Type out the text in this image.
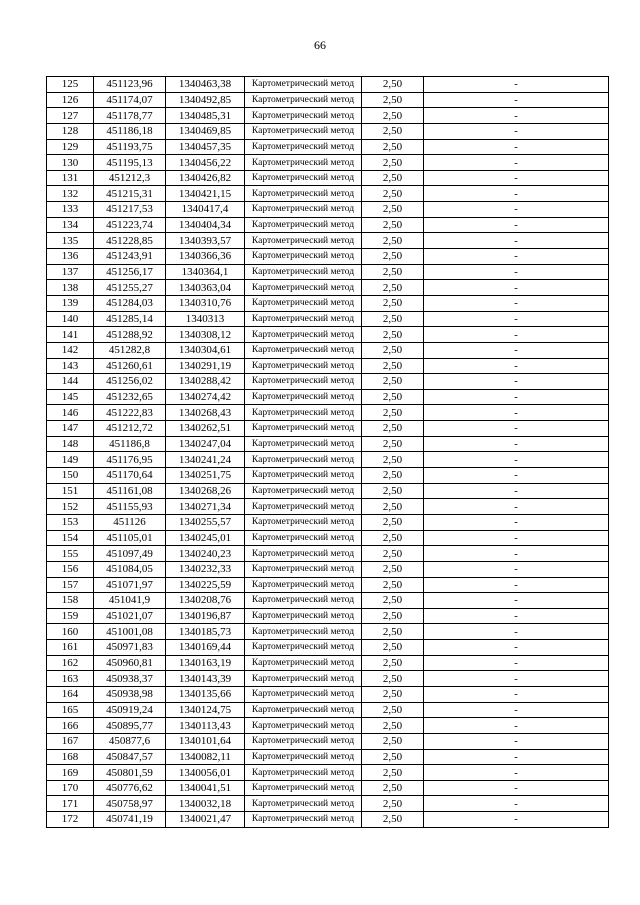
66
125	451123,96	1340463,38	Картометрический метод	2,50	-
126	451174,07	1340492,85	Картометрический метод	2,50	-
127	451178,77	1340485,31	Картометрический метод	2,50	-
128	451186,18	1340469,85	Картометрический метод	2,50	-
129	451193,75	1340457,35	Картометрический метод	2,50	-
130	451195,13	1340456,22	Картометрический метод	2,50	-
131	451212,3	1340426,82	Картометрический метод	2,50	-
132	451215,31	1340421,15	Картометрический метод	2,50	-
133	451217,53	1340417,4	Картометрический метод	2,50	-
134	451223,74	1340404,34	Картометрический метод	2,50	-
135	451228,85	1340393,57	Картометрический метод	2,50	-
136	451243,91	1340366,36	Картометрический метод	2,50	-
137	451256,17	1340364,1	Картометрический метод	2,50	-
138	451255,27	1340363,04	Картометрический метод	2,50	-
139	451284,03	1340310,76	Картометрический метод	2,50	-
140	451285,14	1340313	Картометрический метод	2,50	-
141	451288,92	1340308,12	Картометрический метод	2,50	-
142	451282,8	1340304,61	Картометрический метод	2,50	-
143	451260,61	1340291,19	Картометрический метод	2,50	-
144	451256,02	1340288,42	Картометрический метод	2,50	-
145	451232,65	1340274,42	Картометрический метод	2,50	-
146	451222,83	1340268,43	Картометрический метод	2,50	-
147	451212,72	1340262,51	Картометрический метод	2,50	-
148	451186,8	1340247,04	Картометрический метод	2,50	-
149	451176,95	1340241,24	Картометрический метод	2,50	-
150	451170,64	1340251,75	Картометрический метод	2,50	-
151	451161,08	1340268,26	Картометрический метод	2,50	-
152	451155,93	1340271,34	Картометрический метод	2,50	-
153	451126	1340255,57	Картометрический метод	2,50	-
154	451105,01	1340245,01	Картометрический метод	2,50	-
155	451097,49	1340240,23	Картометрический метод	2,50	-
156	451084,05	1340232,33	Картометрический метод	2,50	-
157	451071,97	1340225,59	Картометрический метод	2,50	-
158	451041,9	1340208,76	Картометрический метод	2,50	-
159	451021,07	1340196,87	Картометрический метод	2,50	-
160	451001,08	1340185,73	Картометрический метод	2,50	-
161	450971,83	1340169,44	Картометрический метод	2,50	-
162	450960,81	1340163,19	Картометрический метод	2,50	-
163	450938,37	1340143,39	Картометрический метод	2,50	-
164	450938,98	1340135,66	Картометрический метод	2,50	-
165	450919,24	1340124,75	Картометрический метод	2,50	-
166	450895,77	1340113,43	Картометрический метод	2,50	-
167	450877,6	1340101,64	Картометрический метод	2,50	-
168	450847,57	1340082,11	Картометрический метод	2,50	-
169	450801,59	1340056,01	Картометрический метод	2,50	-
170	450776,62	1340041,51	Картометрический метод	2,50	-
171	450758,97	1340032,18	Картометрический метод	2,50	-
172	450741,19	1340021,47	Картометрический метод	2,50	-
